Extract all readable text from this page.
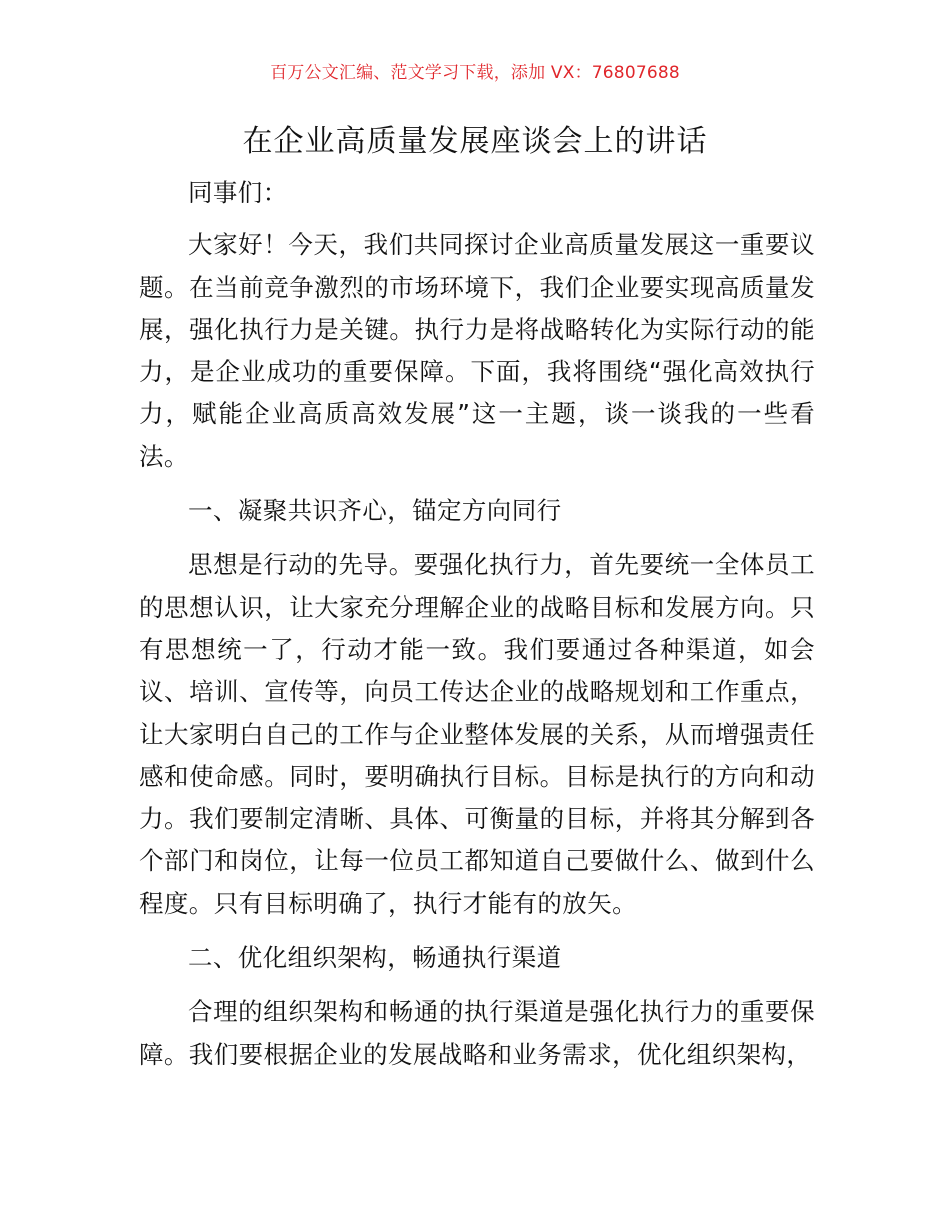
百万公文汇编、范文学习下载，添加 VX：76807688
在企业高质量发展座谈会上的讲话

同事们：

大家好！今天，我们共同探讨企业高质量发展这一重要议题。在当前竞争激烈的市场环境下，我们企业要实现高质量发展，强化执行力是关键。执行力是将战略转化为实际行动的能力，是企业成功的重要保障。下面，我将围绕“强化高效执行力，赋能企业高质高效发展”这一主题，谈一谈我的一些看法。

一、凝聚共识齐心，锚定方向同行

思想是行动的先导。要强化执行力，首先要统一全体员工的思想认识，让大家充分理解企业的战略目标和发展方向。只有思想统一了，行动才能一致。我们要通过各种渠道，如会议、培训、宣传等，向员工传达企业的战略规划和工作重点，让大家明白自己的工作与企业整体发展的关系，从而增强责任感和使命感。同时，要明确执行目标。目标是执行的方向和动力。我们要制定清晰、具体、可衡量的目标，并将其分解到各个部门和岗位，让每一位员工都知道自己要做什么、做到什么程度。只有目标明确了，执行才能有的放矢。

二、优化组织架构，畅通执行渠道

合理的组织架构和畅通的执行渠道是强化执行力的重要保障。我们要根据企业的发展战略和业务需求，优化组织架构，
